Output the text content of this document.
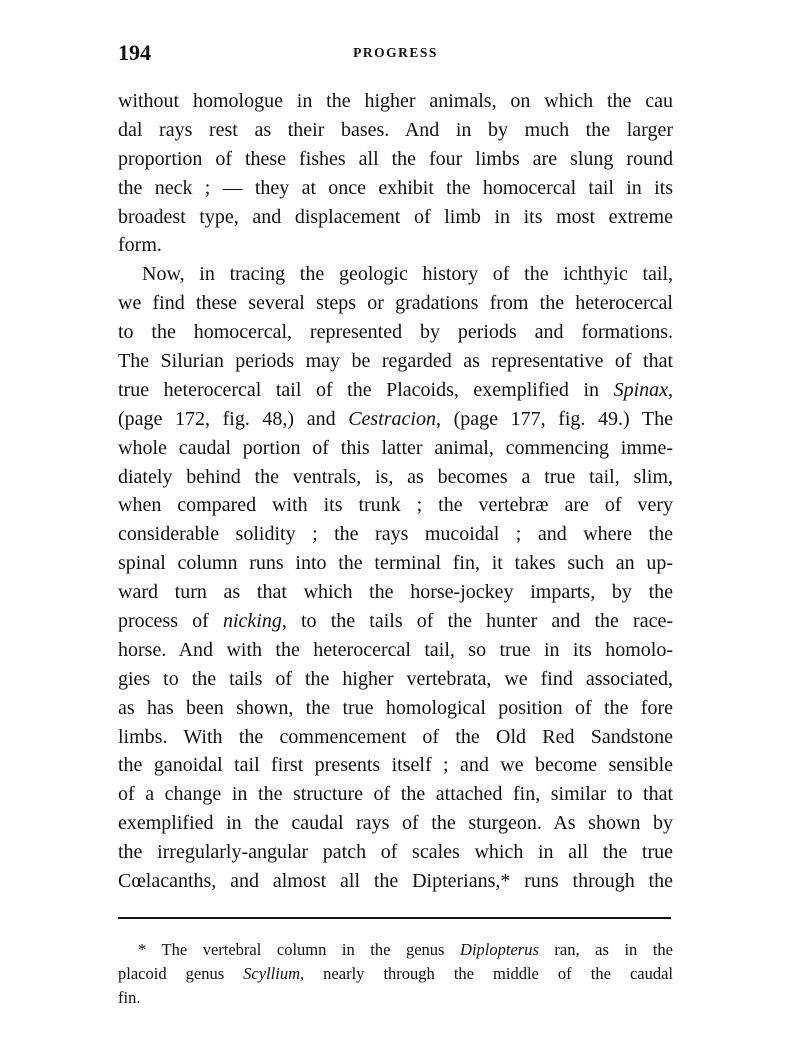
194	PROGRESS
without homologue in the higher animals, on which the cau
dal rays rest as their bases. And in by much the larger
proportion of these fishes all the four limbs are slung round
the neck ; — they at once exhibit the homocercal tail in its
broadest type, and displacement of limb in its most extreme
form.
Now, in tracing the geologic history of the ichthyic tail,
we find these several steps or gradations from the heterocercal
to the homocercal, represented by periods and formations.
The Silurian periods may be regarded as representative of that
true heterocercal tail of the Placoids, exemplified in Spinax,
(page 172, fig. 48,) and Cestracion, (page 177, fig. 49.) The
whole caudal portion of this latter animal, commencing imme-
diately behind the ventrals, is, as becomes a true tail, slim,
when compared with its trunk ; the vertebræ are of very
considerable solidity ; the rays mucoidal ; and where the
spinal column runs into the terminal fin, it takes such an up-
ward turn as that which the horse-jockey imparts, by the
process of nicking, to the tails of the hunter and the race-
horse. And with the heterocercal tail, so true in its homolo-
gies to the tails of the higher vertebrata, we find associated,
as has been shown, the true homological position of the fore
limbs. With the commencement of the Old Red Sandstone
the ganoidal tail first presents itself ; and we become sensible
of a change in the structure of the attached fin, similar to that
exemplified in the caudal rays of the sturgeon. As shown by
the irregularly-angular patch of scales which in all the true
Cœlacanths, and almost all the Dipterians,* runs through the
* The vertebral column in the genus Diplopterus ran, as in the
placoid genus Scyllium, nearly through the middle of the caudal
fin.
